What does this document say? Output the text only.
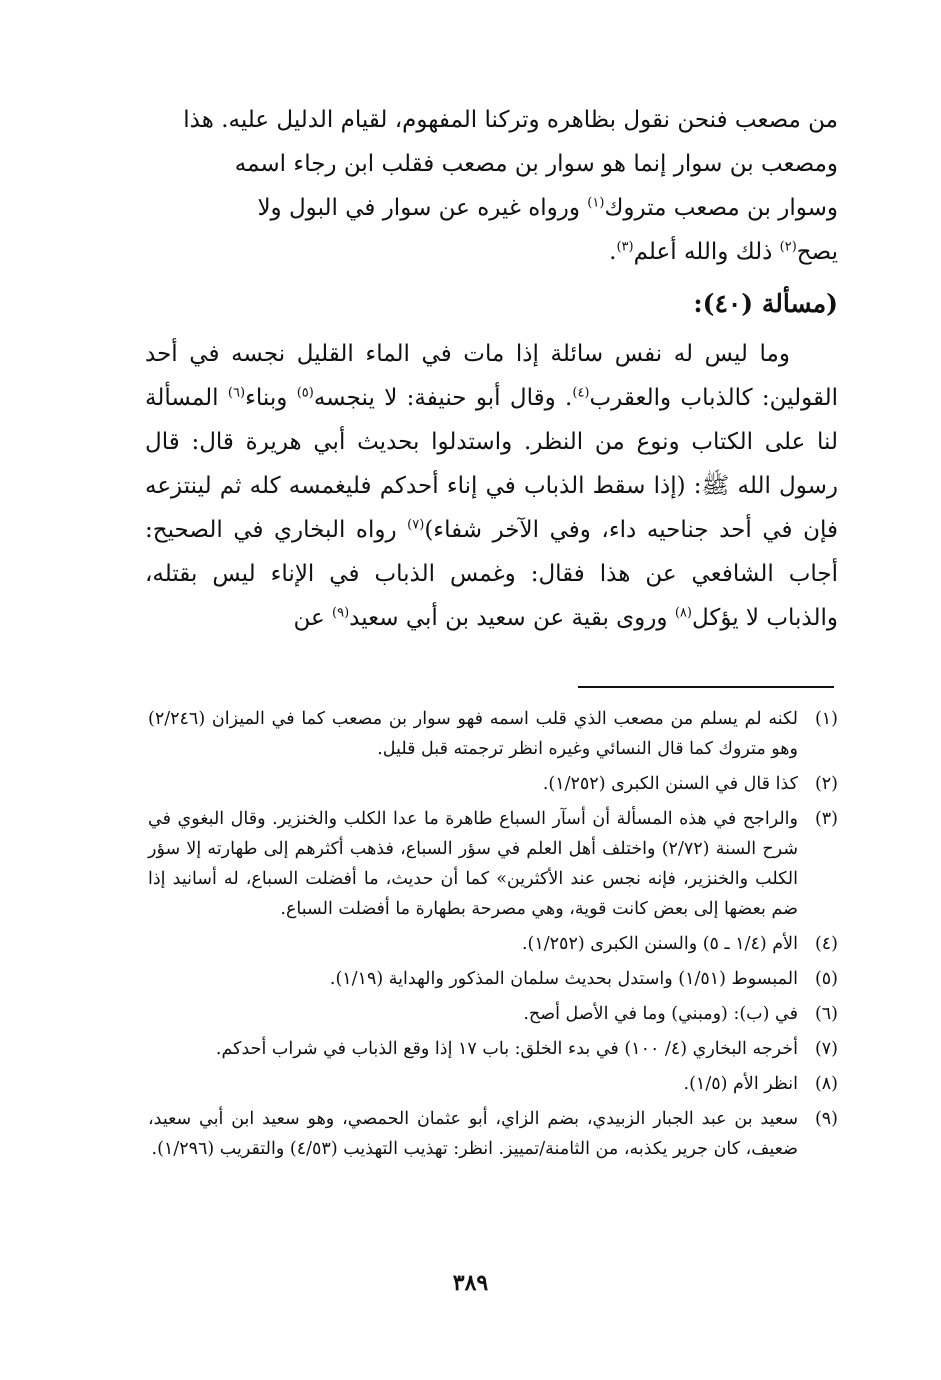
من مصعب فنحن نقول بظاهره وتركنا المفهوم، لقيام الدليل عليه. هذا
ومصعب بن سوار إنما هو سوار بن مصعب فقلب ابن رجاء اسمه
وسوار بن مصعب متروك$^{(١)}$ ورواه غيره عن سوار في البول ولا
يصح$^{(٢)}$ ذلك والله أعلم$^{(٣)}$.

(مسألة (٤٠):

وما ليس له نفس سائلة إذا مات في الماء القليل نجسه في أحد القولين: كالذباب والعقرب$^{(٤)}$. وقال أبو حنيفة: لا ينجسه$^{(٥)}$ وبناء$^{(٦)}$ المسألة لنا على الكتاب ونوع من النظر. واستدلوا بحديث أبي هريرة قال: قال رسول الله ﷺ: (إذا سقط الذباب في إناء أحدكم فليغمسه كله ثم لينتزعه فإن في أحد جناحيه داء، وفي الآخر شفاء)$^{(٧)}$ رواه البخاري في الصحيح: أجاب الشافعي عن هذا فقال: وغمس الذباب في الإناء ليس بقتله، والذباب لا يؤكل$^{(٨)}$ وروى بقية عن سعيد بن أبي سعيد$^{(٩)}$ عن

(١)
لكنه لم يسلم من مصعب الذي قلب اسمه فهو سوار بن مصعب كما في الميزان (٢/٢٤٦) وهو متروك كما قال النسائي وغيره انظر ترجمته قبل قليل.
(٢)
كذا قال في السنن الكبرى (١/٢٥٢).
(٣)
والراجح في هذه المسألة أن أسآر السباع طاهرة ما عدا الكلب والخنزير. وقال البغوي في شرح السنة (٢/٧٢) واختلف أهل العلم في سؤر السباع، فذهب أكثرهم إلى طهارته إلا سؤر الكلب والخنزير، فإنه نجس عند الأكثرين» كما أن حديث، ما أفضلت السباع، له أسانيد إذا ضم بعضها إلى بعض كانت قوية، وهي مصرحة بطهارة ما أفضلت السباع.
(٤)
الأم (١/٤ ـ ٥) والسنن الكبرى (١/٢٥٢).
(٥)
المبسوط (١/٥١) واستدل بحديث سلمان المذكور والهداية (١/١٩).
(٦)
في (ب): (ومبني) وما في الأصل أصح.
(٧)
أخرجه البخاري (٤/ ١٠٠) في بدء الخلق: باب ١٧ إذا وقع الذباب في شراب أحدكم.
(٨)
انظر الأم (١/٥).
(٩)
سعيد بن عبد الجبار الزبيدي، بضم الزاي، أبو عثمان الحمصي، وهو سعيد ابن أبي سعيد، ضعيف، كان جرير يكذبه، من الثامنة/تمييز. انظر: تهذيب التهذيب (٤/٥٣) والتقريب (١/٢٩٦).
٣٨٩
